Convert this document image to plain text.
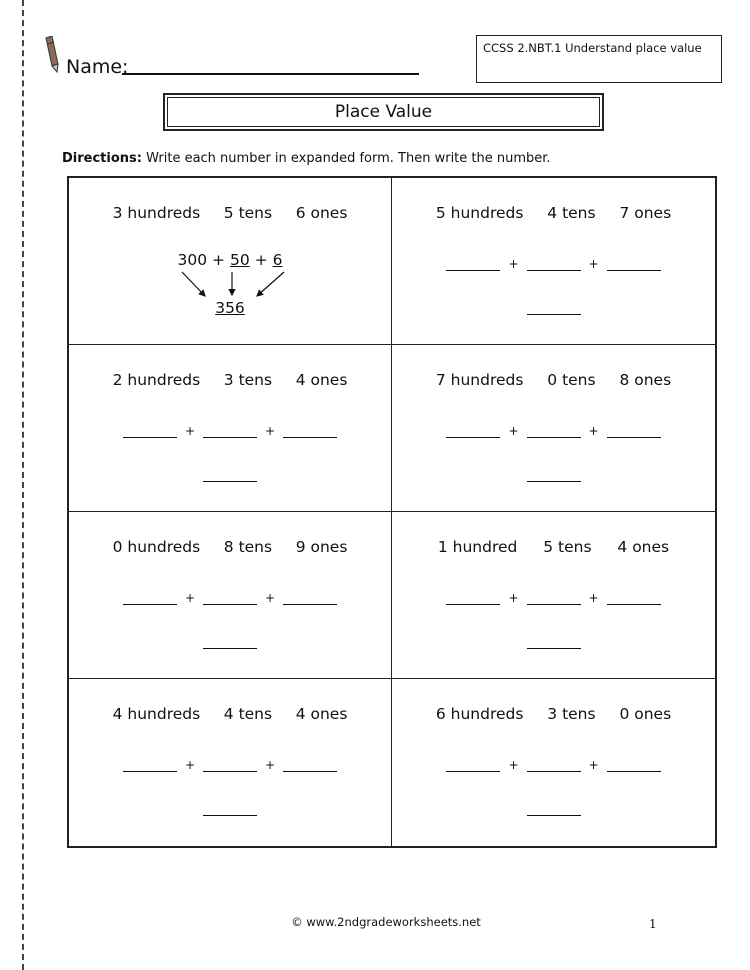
Name:
CCSS 2.NBT.1 Understand place value
Place Value
Directions: Write each number in expanded form. Then write the number.
3 hundreds 5 tens 6 ones
300 + 50 + 6
356
5 hundreds 4 tens 7 ones
+	+
2 hundreds 3 tens 4 ones
+	+
7 hundreds 0 tens 8 ones
+	+
0 hundreds 8 tens 9 ones
+	+
1 hundred 5 tens 4 ones
+	+
4 hundreds 4 tens 4 ones
+	+
6 hundreds 3 tens 0 ones
+	+
© www.2ndgradeworksheets.net	1
